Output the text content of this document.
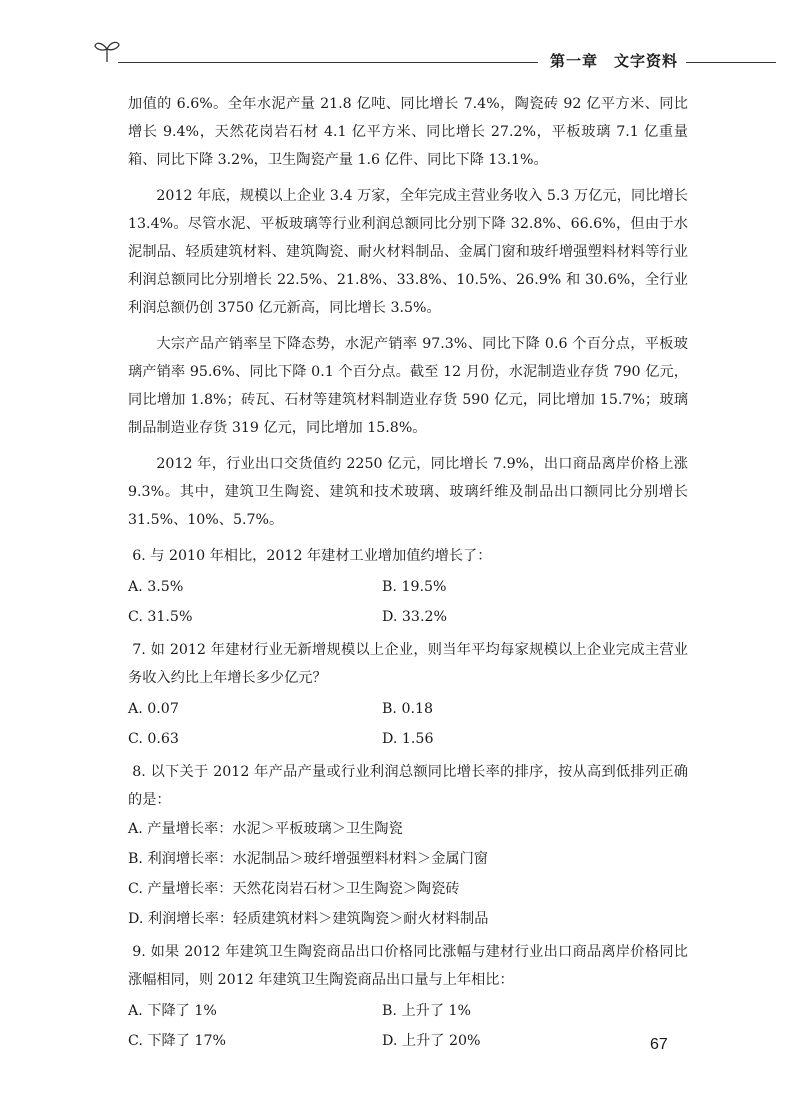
第一章　文字资料

加值的 6.6%。全年水泥产量 21.8 亿吨、同比增长 7.4%，陶瓷砖 92 亿平方米、同比增长 9.4%，天然花岗岩石材 4.1 亿平方米、同比增长 27.2%，平板玻璃 7.1 亿重量箱、同比下降 3.2%，卫生陶瓷产量 1.6 亿件、同比下降 13.1%。

2012 年底，规模以上企业 3.4 万家，全年完成主营业务收入 5.3 万亿元，同比增长 13.4%。尽管水泥、平板玻璃等行业利润总额同比分别下降 32.8%、66.6%，但由于水泥制品、轻质建筑材料、建筑陶瓷、耐火材料制品、金属门窗和玻纤增强塑料材料等行业利润总额同比分别增长 22.5%、21.8%、33.8%、10.5%、26.9% 和 30.6%，全行业利润总额仍创 3750 亿元新高，同比增长 3.5%。

大宗产品产销率呈下降态势，水泥产销率 97.3%、同比下降 0.6 个百分点，平板玻璃产销率 95.6%、同比下降 0.1 个百分点。截至 12 月份，水泥制造业存货 790 亿元，同比增加 1.8%；砖瓦、石材等建筑材料制造业存货 590 亿元，同比增加 15.7%；玻璃制品制造业存货 319 亿元，同比增加 15.8%。

2012 年，行业出口交货值约 2250 亿元，同比增长 7.9%，出口商品离岸价格上涨 9.3%。其中，建筑卫生陶瓷、建筑和技术玻璃、玻璃纤维及制品出口额同比分别增长 31.5%、10%、5.7%。

6. 与 2010 年相比，2012 年建材工业增加值约增长了：

A. 3.5%	B. 19.5%
C. 31.5%	D. 33.2%

7. 如 2012 年建材行业无新增规模以上企业，则当年平均每家规模以上企业完成主营业务收入约比上年增长多少亿元？

A. 0.07	B. 0.18
C. 0.63	D. 1.56

8. 以下关于 2012 年产品产量或行业利润总额同比增长率的排序，按从高到低排列正确的是：

A. 产量增长率：水泥＞平板玻璃＞卫生陶瓷
B. 利润增长率：水泥制品＞玻纤增强塑料材料＞金属门窗
C. 产量增长率：天然花岗岩石材＞卫生陶瓷＞陶瓷砖
D. 利润增长率：轻质建筑材料＞建筑陶瓷＞耐火材料制品

9. 如果 2012 年建筑卫生陶瓷商品出口价格同比涨幅与建材行业出口商品离岸价格同比涨幅相同，则 2012 年建筑卫生陶瓷商品出口量与上年相比：

A. 下降了 1%	B. 上升了 1%
C. 下降了 17%	D. 上升了 20%	67
